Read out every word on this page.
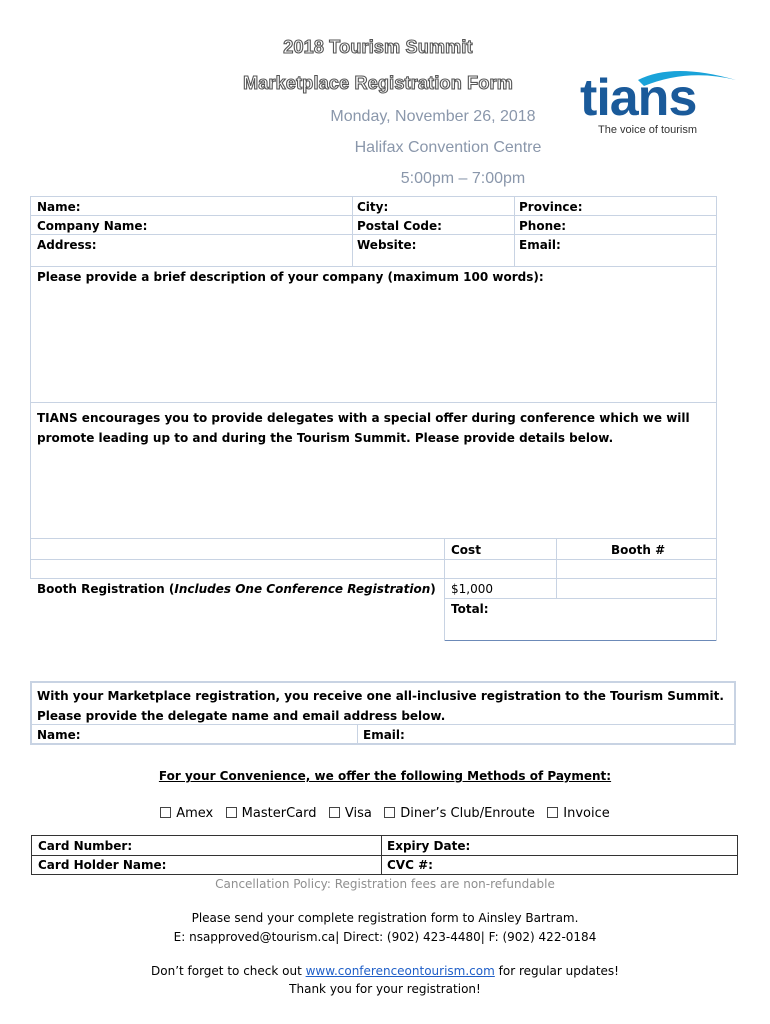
2018 Tourism Summit
Marketplace Registration Form
Monday, November 26, 2018
Halifax Convention Centre
5:00pm – 7:00pm
tians
The voice of tourism
Name:
Company Name:
Address:
City:
Postal Code:
Website:
Province:
Phone:
Email:
Please provide a brief description of your company (maximum 100 words):
TIANS encourages you to provide delegates with a special offer during conference which we will promote leading up to and during the Tourism Summit. Please provide details below.
Cost	Booth #
Booth Registration (Includes One Conference Registration) $1,000
Total:
With your Marketplace registration, you receive one all-inclusive registration to the Tourism Summit. Please provide the delegate name and email address below.
Name:	Email:
For your Convenience, we offer the following Methods of Payment:
Amex MasterCard Visa Diner’s Club/Enroute Invoice
Card Number:
Card Holder Name:
Expiry Date:
CVC #:
Cancellation Policy: Registration fees are non-refundable
Please send your complete registration form to Ainsley Bartram.
E: nsapproved@tourism.ca| Direct: (902) 423-4480| F: (902) 422-0184
Don’t forget to check out www.conferenceontourism.com for regular updates!
Thank you for your registration!
